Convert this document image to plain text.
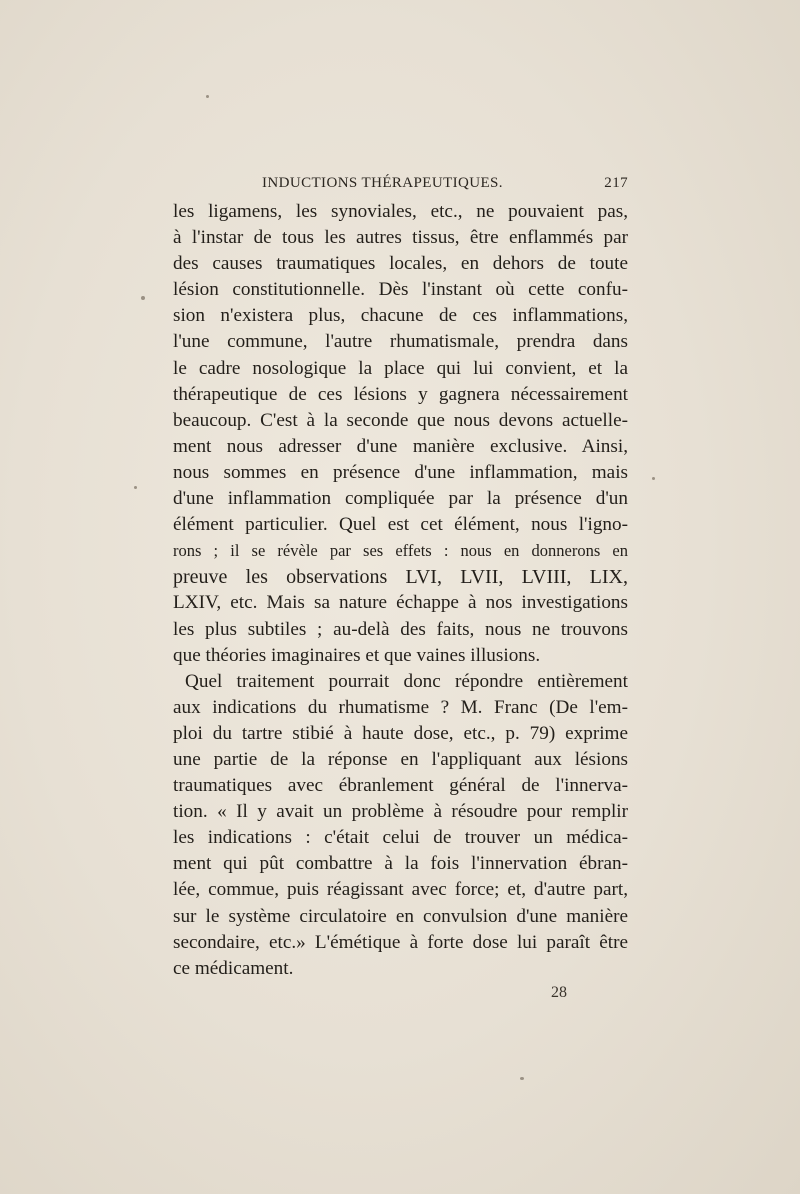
INDUCTIONS THÉRAPEUTIQUES.	217
les ligamens, les synoviales, etc., ne pouvaient pas,
à l'instar de tous les autres tissus, être enflammés par
des causes traumatiques locales, en dehors de toute
lésion constitutionnelle. Dès l'instant où cette confu-
sion n'existera plus, chacune de ces inflammations,
l'une commune, l'autre rhumatismale, prendra dans
le cadre nosologique la place qui lui convient, et la
thérapeutique de ces lésions y gagnera nécessairement
beaucoup. C'est à la seconde que nous devons actuelle-
ment nous adresser d'une manière exclusive. Ainsi,
nous sommes en présence d'une inflammation, mais
d'une inflammation compliquée par la présence d'un
élément particulier. Quel est cet élément, nous l'igno-
rons ; il se révèle par ses effets : nous en donnerons en
preuve les observations LVI, LVII, LVIII, LIX,
LXIV, etc. Mais sa nature échappe à nos investigations
les plus subtiles ; au-delà des faits, nous ne trouvons
que théories imaginaires et que vaines illusions.
Quel traitement pourrait donc répondre entièrement
aux indications du rhumatisme ? M. Franc (De l'em-
ploi du tartre stibié à haute dose, etc., p. 79) exprime
une partie de la réponse en l'appliquant aux lésions
traumatiques avec ébranlement général de l'innerva-
tion. « Il y avait un problème à résoudre pour remplir
les indications : c'était celui de trouver un médica-
ment qui pût combattre à la fois l'innervation ébran-
lée, commue, puis réagissant avec force; et, d'autre part,
sur le système circulatoire en convulsion d'une manière
secondaire, etc.» L'émétique à forte dose lui paraît être
ce médicament.
28
